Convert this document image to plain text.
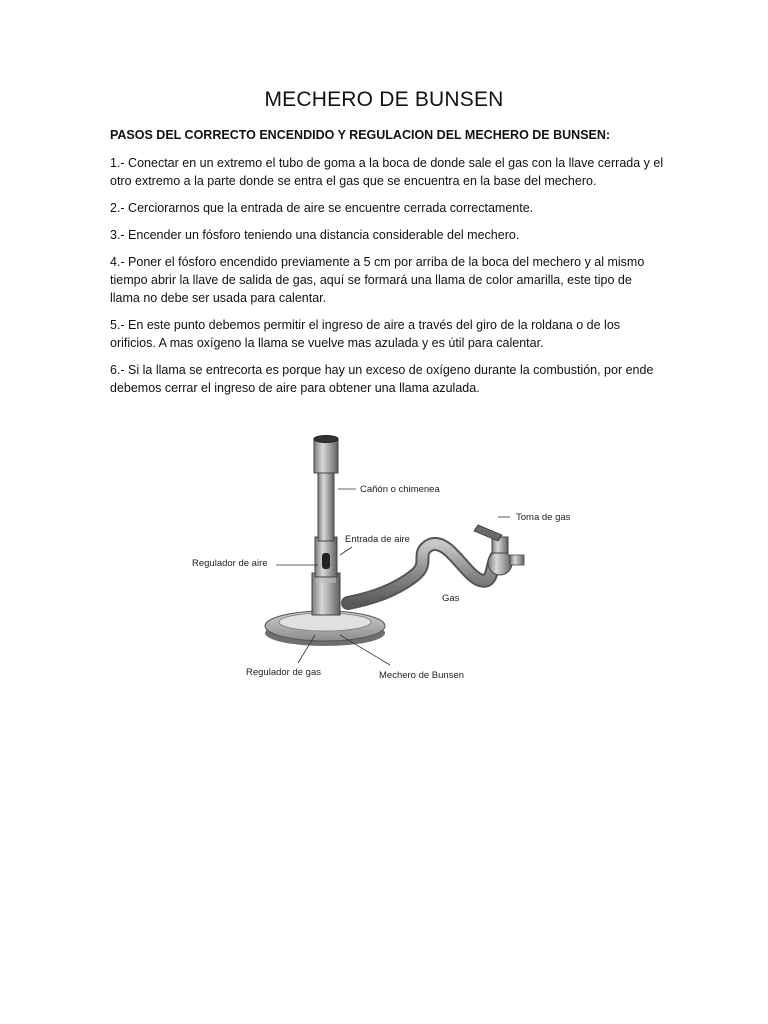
MECHERO DE BUNSEN

PASOS DEL CORRECTO ENCENDIDO Y REGULACION DEL MECHERO DE BUNSEN:

1.- Conectar en un extremo el tubo de goma a la boca de donde sale el gas con la llave cerrada y el otro extremo a la parte donde se entra el gas que se encuentra en la base del mechero.
2.- Cerciorarnos que la entrada de aire se encuentre cerrada correctamente.
3.- Encender un fósforo teniendo una distancia considerable del mechero.
4.- Poner el fósforo encendido previamente a 5 cm por arriba de la boca del mechero y al mismo tiempo abrir la llave de salida de gas, aquí se formará una llama de color amarilla, este tipo de llama no debe ser usada para calentar.
5.- En este punto debemos permitir el ingreso de aire a través del giro de la roldana o de los orificios. A mas oxígeno la llama se vuelve mas azulada y es útil para calentar.
6.- Si la llama se entrecorta es porque hay un exceso de oxígeno durante la combustión, por ende debemos cerrar el ingreso de aire para obtener una llama azulada.
Cañón o chimenea
Toma de gas
Entrada de aire
Regulador de aire
Gas
Regulador de gas	Mechero de Bunsen
